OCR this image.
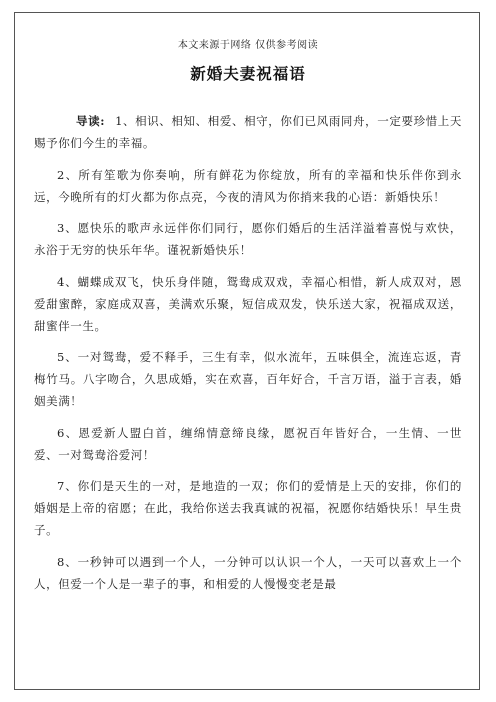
本文来源于网络 仅供参考阅读
新婚夫妻祝福语

导读: 1、相识、相知、相爱、相守，你们已风雨同舟，一定要珍惜上天赐予你们今生的幸福。

2、所有笙歌为你奏响，所有鲜花为你绽放，所有的幸福和快乐伴你到永远，今晚所有的灯火都为你点亮，今夜的清风为你捎来我的心语：新婚快乐！

3、愿快乐的歌声永远伴你们同行，愿你们婚后的生活洋溢着喜悦与欢快，永浴于无穷的快乐年华。谨祝新婚快乐！

4、蝴蝶成双飞，快乐身伴随，鸳鸯成双戏，幸福心相惜，新人成双对，恩爱甜蜜醉，家庭成双喜，美满欢乐聚，短信成双发，快乐送大家，祝福成双送，甜蜜伴一生。

5、一对鸳鸯，爱不释手，三生有幸，似水流年，五味俱全，流连忘返，青梅竹马。八字吻合，久思成婚，实在欢喜，百年好合，千言万语，溢于言表，婚姻美满！

6、恩爱新人盟白首，缠绵情意缔良缘，愿祝百年皆好合，一生情、一世爱、一对鸳鸯浴爱河！

7、你们是天生的一对，是地造的一双；你们的爱情是上天的安排，你们的婚姻是上帝的宿愿；在此，我给你送去我真诚的祝福，祝愿你结婚快乐！早生贵子。

8、一秒钟可以遇到一个人，一分钟可以认识一个人，一天可以喜欢上一个人，但爱一个人是一辈子的事，和相爱的人慢慢变老是最
